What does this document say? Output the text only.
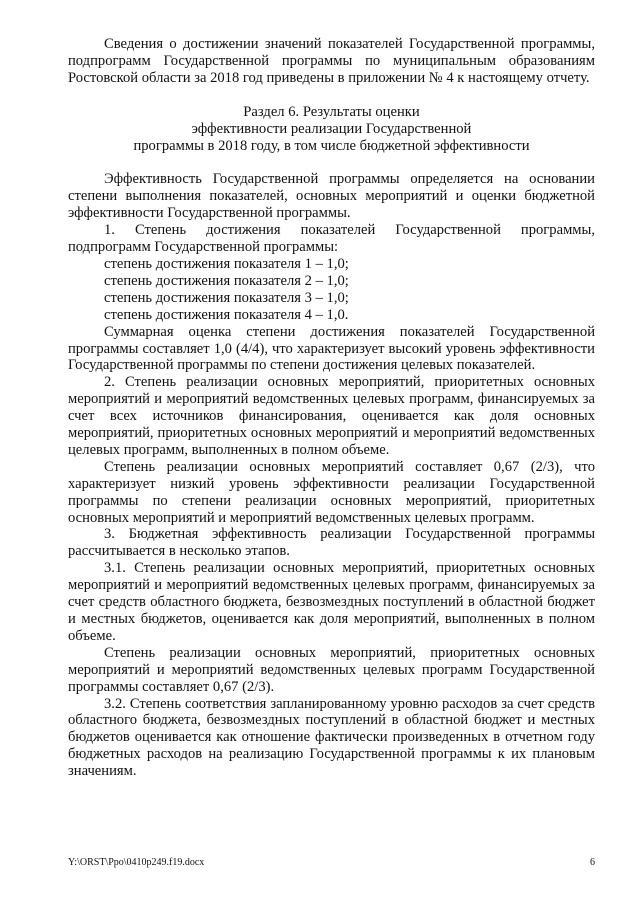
Сведения о достижении значений показателей Государственной программы, подпрограмм Государственной программы по муниципальным образованиям Ростовской области за 2018 год приведены в приложении № 4 к настоящему отчету.

Раздел 6. Результаты оценки
эффективности реализации Государственной
программы в 2018 году, в том числе бюджетной эффективности

Эффективность Государственной программы определяется на основании степени выполнения показателей, основных мероприятий и оценки бюджетной эффективности Государственной программы.

1. Степень достижения показателей Государственной программы, подпрограмм Государственной программы:

степень достижения показателя 1 – 1,0;

степень достижения показателя 2 – 1,0;

степень достижения показателя 3 – 1,0;

степень достижения показателя 4 – 1,0.

Суммарная оценка степени достижения показателей Государственной программы составляет 1,0 (4/4), что характеризует высокий уровень эффективности Государственной программы по степени достижения целевых показателей.

2. Степень реализации основных мероприятий, приоритетных основных мероприятий и мероприятий ведомственных целевых программ, финансируемых за счет всех источников финансирования, оценивается как доля основных мероприятий, приоритетных основных мероприятий и мероприятий ведомственных целевых программ, выполненных в полном объеме.

Степень реализации основных мероприятий составляет 0,67 (2/3), что характеризует низкий уровень эффективности реализации Государственной программы по степени реализации основных мероприятий, приоритетных основных мероприятий и мероприятий ведомственных целевых программ.

3. Бюджетная эффективность реализации Государственной программы рассчитывается в несколько этапов.

3.1. Степень реализации основных мероприятий, приоритетных основных мероприятий и мероприятий ведомственных целевых программ, финансируемых за счет средств областного бюджета, безвозмездных поступлений в областной бюджет и местных бюджетов, оценивается как доля мероприятий, выполненных в полном объеме.

Степень реализации основных мероприятий, приоритетных основных мероприятий и мероприятий ведомственных целевых программ Государственной программы составляет 0,67 (2/3).

3.2. Степень соответствия запланированному уровню расходов за счет средств областного бюджета, безвозмездных поступлений в областной бюджет и местных бюджетов оценивается как отношение фактически произведенных в отчетном году бюджетных расходов на реализацию Государственной программы к их плановым значениям.

Y:\ORST\Ppo\0410p249.f19.docx	6
